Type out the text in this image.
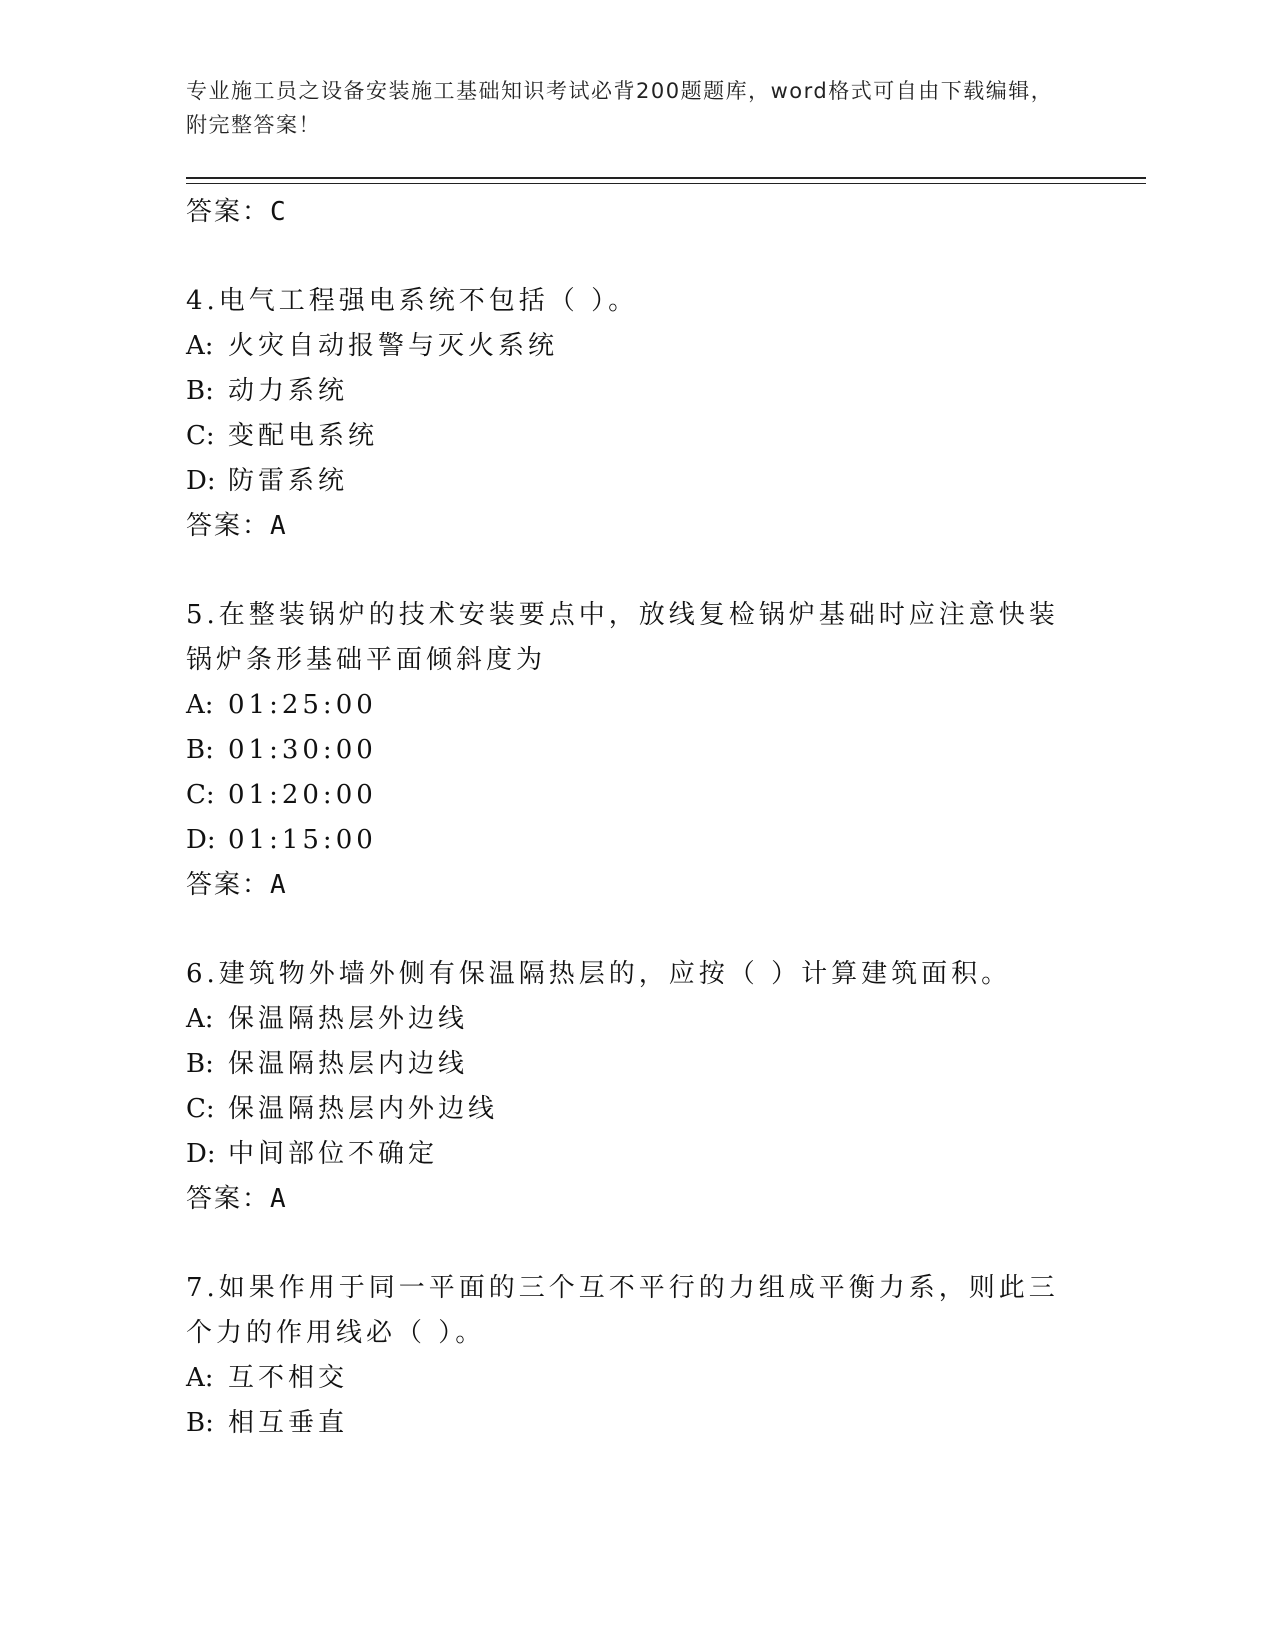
专业施工员之设备安装施工基础知识考试必背200题题库，word格式可自由下载编辑，附完整答案！
答案：C
4.电气工程强电系统不包括（ ）。
A: 火灾自动报警与灭火系统
B: 动力系统
C: 变配电系统
D: 防雷系统
答案：A
5.在整装锅炉的技术安装要点中，放线复检锅炉基础时应注意快装锅炉条形基础平面倾斜度为
A: 01:25:00
B: 01:30:00
C: 01:20:00
D: 01:15:00
答案：A
6.建筑物外墙外侧有保温隔热层的，应按（ ）计算建筑面积。
A: 保温隔热层外边线
B: 保温隔热层内边线
C: 保温隔热层内外边线
D: 中间部位不确定
答案：A
7.如果作用于同一平面的三个互不平行的力组成平衡力系，则此三个力的作用线必（ ）。
A: 互不相交
B: 相互垂直
